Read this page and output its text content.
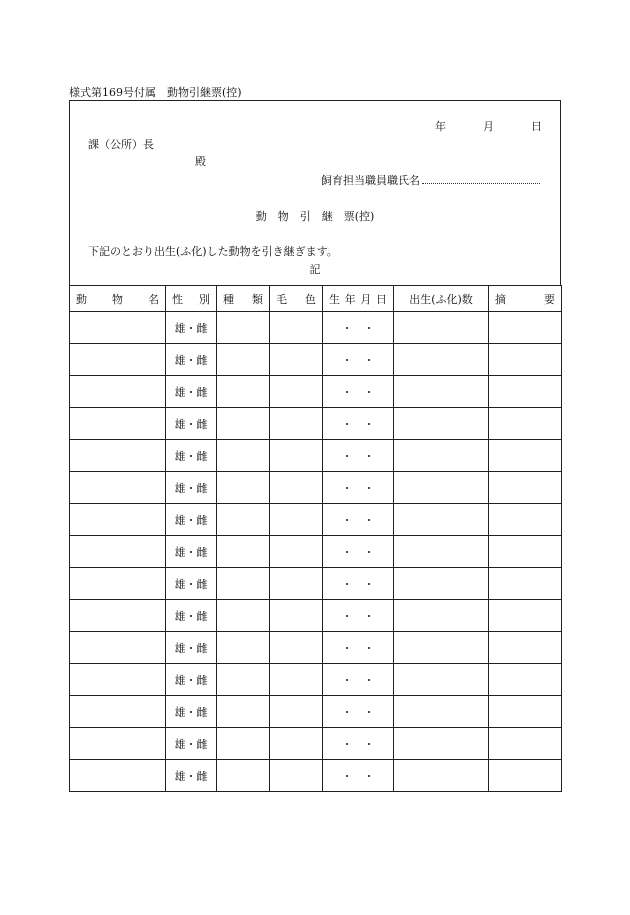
様式第169号付属　動物引継票(控)
年	月	日
課（公所）長
殿
飼育担当職員職氏名
動　物　引　継　票(控)
下記のとおり出生(ふ化)した動物を引き継ぎます。
記
動 物 名	性 別	種 類	毛 色	生 年 月 日	出生(ふ化)数	摘 要

	雄・雌			・　・		
	雄・雌			・　・		
	雄・雌			・　・		
	雄・雌			・　・		
	雄・雌			・　・		
	雄・雌			・　・		
	雄・雌			・　・		
	雄・雌			・　・		
	雄・雌			・　・		
	雄・雌			・　・		
	雄・雌			・　・		
	雄・雌			・　・		
	雄・雌			・　・		
	雄・雌			・　・		
	雄・雌			・　・		
